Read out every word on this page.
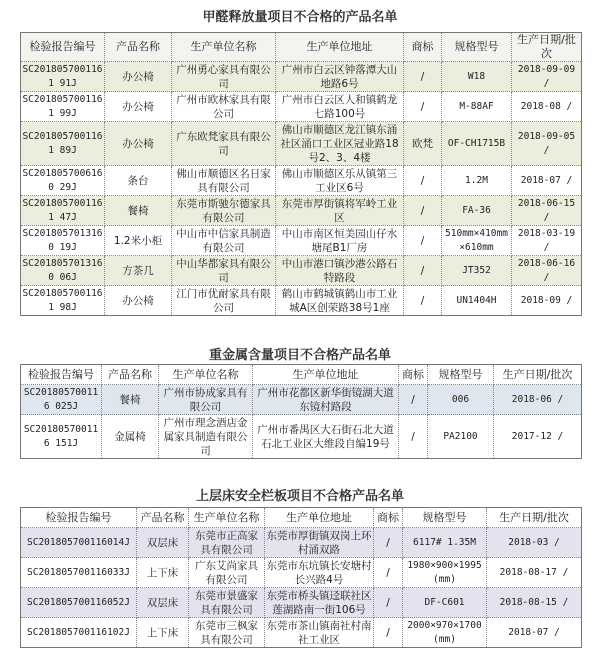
甲醛释放量项目不合格的产品名单
检验报告编号	产品名称	生产单位名称	生产单位地址	商标	规格型号	生产日期/批次
SC2018057001161 91J	办公椅	广州勇心家具有限公司	广州市白云区钟落潭大山地路6号	/	W18	2018-09-09 /
SC2018057001161 99J	办公椅	广州市欧林家具有限公司	广州市白云区人和镇鹤龙七路100号	/	M-88AF	2018-08 /
SC2018057001161 89J	办公椅	广东欧梵家具有限公司	佛山市顺德区龙江镇东涌社区涌口工业区冠业路18号2、3、4楼	欧梵	OF-CH1715B	2018-09-05 /
SC2018057006160 29J	条台	佛山市顺德区名日家具有限公司	佛山市顺德区乐从镇第三工业区6号	/	1.2M	2018-07 /
SC2018057001161 47J	餐椅	东莞市斯驰尔德家具有限公司	东莞市厚街镇将军岭工业区	/	FA-36	2018-06-15 /
SC2018057013160 19J	1.2米小柜	中山市中信家具制造有限公司	中山市南区恒美园山仔水塘尾B1厂房	/	510mm×410mm ×610mm	2018-03-19 /
SC2018057013160 06J	方茶几	中山华都家具有限公司	中山市港口镇沙港公路石特路段	/	JT352	2018-06-16 /
SC2018057001161 98J	办公椅	江门市优耐家具有限公司	鹤山市鹤城镇鹤山市工业城A区创荣路38号1座	/	UN1404H	2018-09 /
重金属含量项目不合格产品名单
检验报告编号	产品名称	生产单位名称	生产单位地址	商标	规格型号	生产日期/批次
SC201805700116 025J	餐椅	广州市协成家具有限公司	广州市花都区新华街镜湖大道东镜村路段	/	006	2018-06 /
SC201805700116 151J	金属椅	广州市理念酒店金属家具制造有限公司	广州市番禺区大石街石北大道石北工业区大维段自编19号	/	PA2100	2017-12 /
上层床安全栏板项目不合格产品名单
检验报告编号	产品名称	生产单位名称	生产单位地址	商标	规格型号	生产日期/批次
SC201805700116014J	双层床	东莞市正高家具有限公司	东莞市厚街镇双岗上环村涌双路	/	6117# 1.35M	2018-03 /
SC201805700116033J	上下床	广东艾尚家具有限公司	东莞市东坑镇长安塘村长兴路4号	/	1980×900×1995 (mm)	2018-08-17 /
SC201805700116052J	双层床	东莞市景盛家具有限公司	东莞市桥头镇迳联社区莲湖路南一街106号	/	DF-C601	2018-08-15 /
SC201805700116102J	上下床	东莞市三枫家具有限公司	东莞市茶山镇南社村南社工业区	/	2000×970×1700 (mm)	2018-07 /
